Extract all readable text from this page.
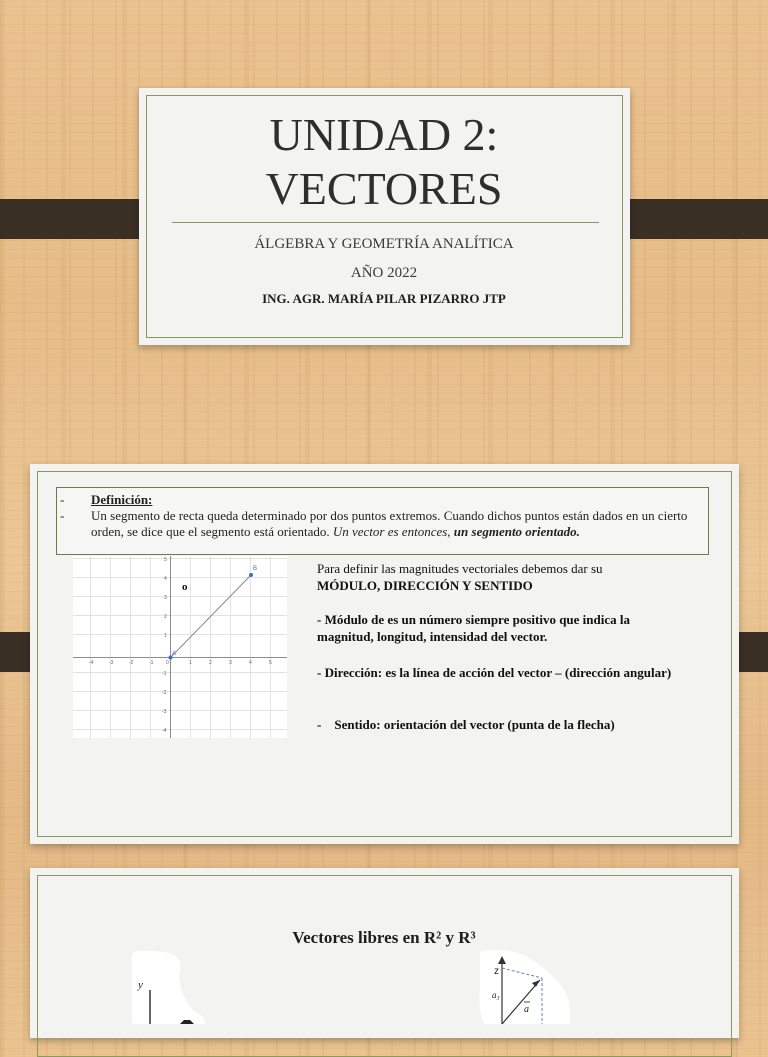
UNIDAD 2:
VECTORES
ÁLGEBRA Y GEOMETRÍA ANALÍTICA
AÑO 2022
ING. AGR. MARÍA PILAR PIZARRO JTP
- Definición:
- Un segmento de recta queda determinado por dos puntos extremos. Cuando dichos puntos están dados en un cierto orden, se dice que el segmento está orientado. Un vector es entonces, un segmento orientado.
-4	-3	-2	-1	0	1	2	3	4	5
5
4
3
2
1
-1
-2
-3
-4
A
B
o
Para definir las magnitudes vectoriales debemos dar su
MÓDULO, DIRECCIÓN Y SENTIDO
- Módulo de es un número siempre positivo que indica la magnitud, longitud, intensidad del vector.
- Dirección: es la línea de acción del vector – (dirección angular)
- Sentido: orientación del vector (punta de la flecha)
Vectores libres en R² y R³
y
z
a₃
a
